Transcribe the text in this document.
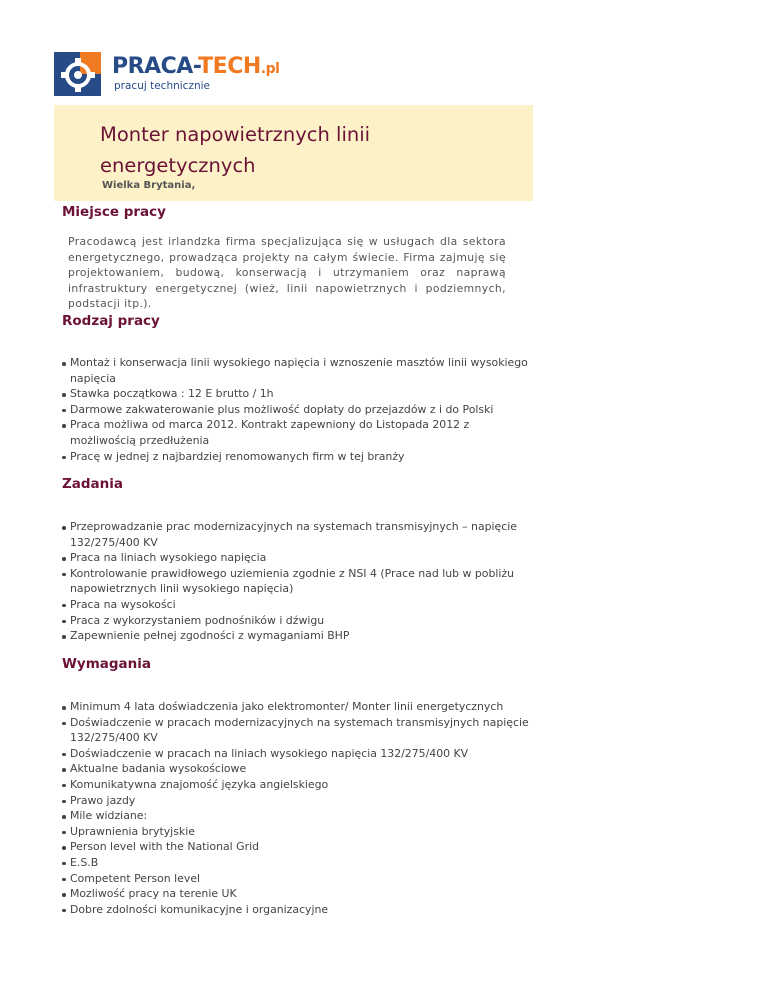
PRACA-TECH.pl
pracuj technicznie
Monter napowietrznych linii energetycznych
Wielka Brytania,
Miejsce pracy

Pracodawcą jest irlandzka firma specjalizująca się w usługach dla sektora energetycznego, prowadząca projekty na całym świecie. Firma zajmuję się projektowaniem, budową, konserwacją i utrzymaniem oraz naprawą infrastruktury energetycznej (wież, linii napowietrznych i podziemnych, podstacji itp.).

Rodzaj pracy
Montaż i konserwacja linii wysokiego napięcia i wznoszenie masztów linii wysokiego napięcia
Stawka początkowa : 12 E brutto / 1h
Darmowe zakwaterowanie plus możliwość dopłaty do przejazdów z i do Polski
Praca możliwa od marca 2012. Kontrakt zapewniony do Listopada 2012 z możliwością przedłużenia
Pracę w jednej z najbardziej renomowanych firm w tej branży
Zadania
Przeprowadzanie prac modernizacyjnych na systemach transmisyjnych – napięcie 132/275/400 KV
Praca na liniach wysokiego napięcia
Kontrolowanie prawidłowego uziemienia zgodnie z NSI 4 (Prace nad lub w pobliżu napowietrznych linii wysokiego napięcia)
Praca na wysokości
Praca z wykorzystaniem podnośników i dźwigu
Zapewnienie pełnej zgodności z wymaganiami BHP
Wymagania
Minimum 4 lata doświadczenia jako elektromonter/ Monter linii energetycznych
Doświadczenie w pracach modernizacyjnych na systemach transmisyjnych napięcie 132/275/400 KV
Doświadczenie w pracach na liniach wysokiego napięcia 132/275/400 KV
Aktualne badania wysokościowe
Komunikatywna znajomość języka angielskiego
Prawo jazdy
Mile widziane:
Uprawnienia brytyjskie
Person level with the National Grid
E.S.B
Competent Person level
Mozliwość pracy na terenie UK
Dobre zdolności komunikacyjne i organizacyjne
